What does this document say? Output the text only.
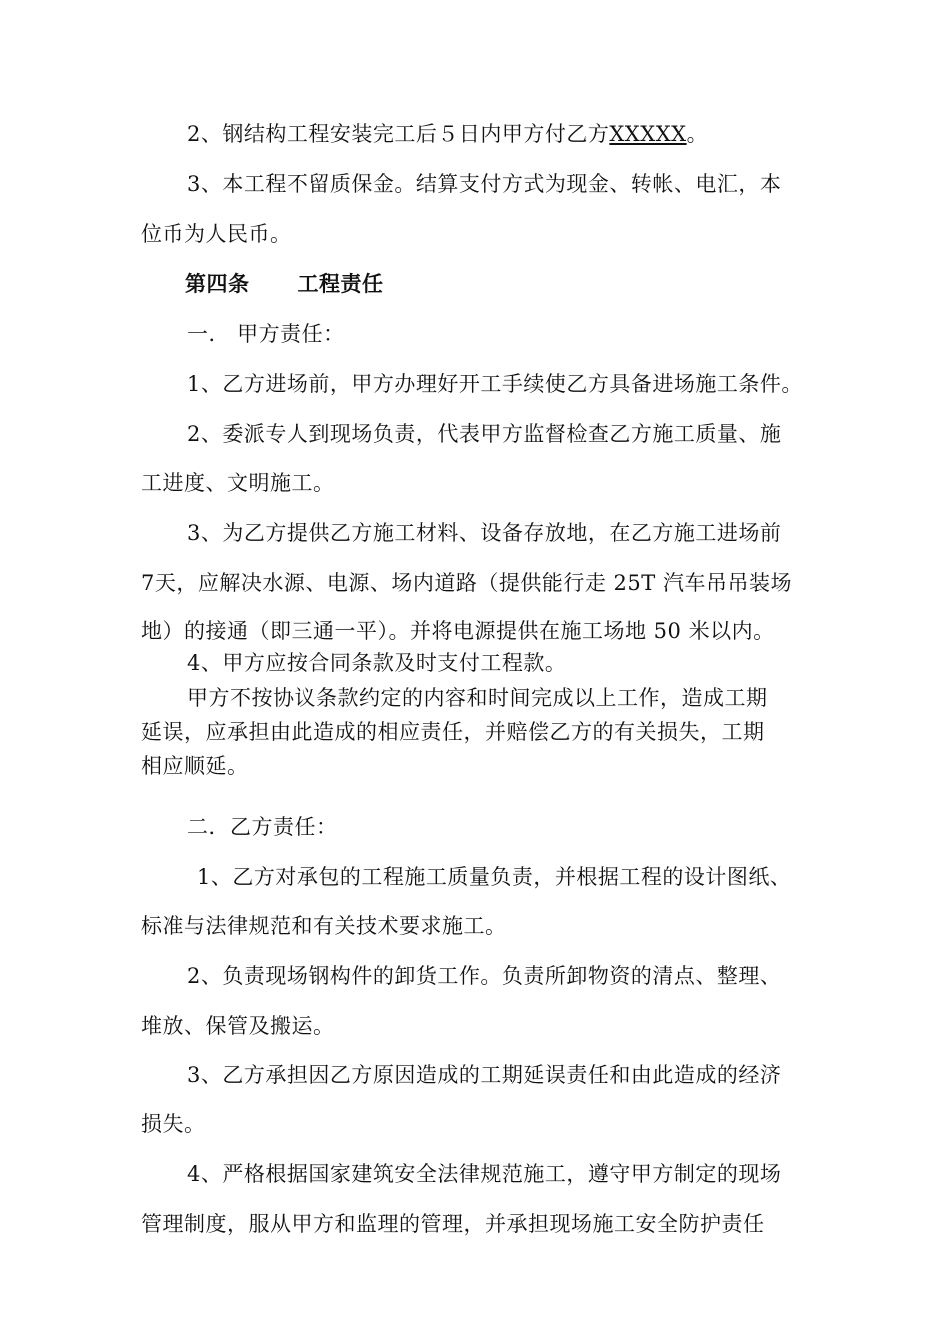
2、钢结构工程安装完工后５日内甲方付乙方XXXXX。
3、本工程不留质保金。结算支付方式为现金、转帐、电汇，本
位币为人民币。
第四条 工程责任
一． 甲方责任：
1、乙方进场前，甲方办理好开工手续使乙方具备进场施工条件。
2、委派专人到现场负责，代表甲方监督检查乙方施工质量、施
工进度、文明施工。
3、为乙方提供乙方施工材料、设备存放地，在乙方施工进场前
7天，应解决水源、电源、场内道路（提供能行走 25T 汽车吊吊装场
地）的接通（即三通一平）。并将电源提供在施工场地 50 米以内。
4、甲方应按合同条款及时支付工程款。
甲方不按协议条款约定的内容和时间完成以上工作，造成工期
延误，应承担由此造成的相应责任，并赔偿乙方的有关损失，工期
相应顺延。
二．乙方责任：
1、乙方对承包的工程施工质量负责，并根据工程的设计图纸、
标准与法律规范和有关技术要求施工。
2、负责现场钢构件的卸货工作。负责所卸物资的清点、整理、
堆放、保管及搬运。
3、乙方承担因乙方原因造成的工期延误责任和由此造成的经济
损失。
4、严格根据国家建筑安全法律规范施工，遵守甲方制定的现场
管理制度，服从甲方和监理的管理，并承担现场施工安全防护责任
